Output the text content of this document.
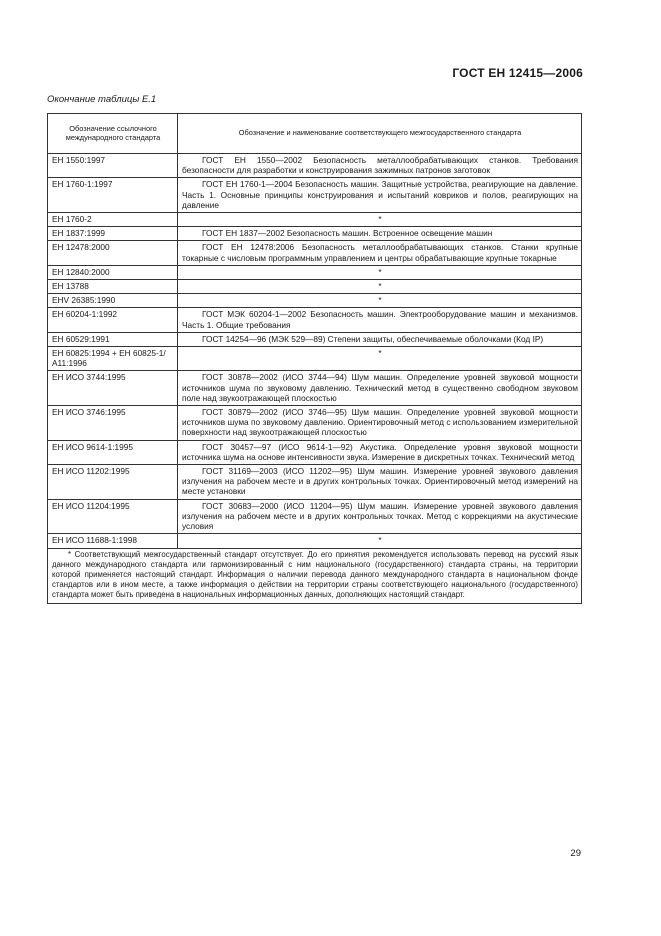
ГОСТ ЕН 12415—2006
Окончание таблицы Е.1
Обозначение ссылочного международного стандарта	Обозначение и наименование соответствующего межгосударственного стандарта
ЕН 1550:1997	ГОСТ ЕН 1550—2002 Безопасность металлообрабатывающих станков. Требования безопасности для разработки и конструирования зажимных патронов заготовок
ЕН 1760-1:1997	ГОСТ ЕН 1760-1—2004 Безопасность машин. Защитные устройства, реагирующие на давление. Часть 1. Основные принципы конструирования и испытаний ковриков и полов, реагирующих на давление
ЕН 1760-2	*
ЕН 1837:1999	ГОСТ ЕН 1837—2002 Безопасность машин. Встроенное освещение машин
ЕН 12478:2000	ГОСТ ЕН 12478:2006 Безопасность металлообрабатывающих станков. Станки крупные токарные с числовым программным управлением и центры обрабатывающие крупные токарные
ЕН 12840:2000	*
ЕН 13788	*
ЕНV 26385:1990	*
ЕН 60204-1:1992	ГОСТ МЭК 60204-1—2002 Безопасность машин. Электрооборудование машин и механизмов. Часть 1. Общие требования
ЕН 60529:1991	ГОСТ 14254—96 (МЭК 529—89) Степени защиты, обеспечиваемые оболочками (Код IP)
ЕН 60825:1994 + ЕН 60825-1/А11:1996	*
ЕН ИСО 3744:1995	ГОСТ 30878—2002 (ИСО 3744—94) Шум машин. Определение уровней звуковой мощности источников шума по звуковому давлению. Технический метод в существенно свободном звуковом поле над звукоотражающей плоскостью
ЕН ИСО 3746:1995	ГОСТ 30879—2002 (ИСО 3746—95) Шум машин. Определение уровней звуковой мощности источников шума по звуковому давлению. Ориентировочный метод с использованием измерительной поверхности над звукоотражающей плоскостью
ЕН ИСО 9614-1:1995	ГОСТ 30457—97 (ИСО 9614-1—92) Акустика. Определение уровня звуковой мощности источника шума на основе интенсивности звука. Измерение в дискретных точках. Технический метод
ЕН ИСО 11202:1995	ГОСТ 31169—2003 (ИСО 11202—95) Шум машин. Измерение уровней звукового давления излучения на рабочем месте и в других контрольных точках. Ориентировочный метод измерений на месте установки
ЕН ИСО 11204:1995	ГОСТ 30683—2000 (ИСО 11204—95) Шум машин. Измерение уровней звукового давления излучения на рабочем месте и в других контрольных точках. Метод с коррекциями на акустические условия
ЕН ИСО 11688-1:1998	*
* Соответствующий межгосударственный стандарт отсутствует. До его принятия рекомендуется использовать перевод на русский язык данного международного стандарта или гармонизированный с ним национального (государственного) стандарта страны, на территории которой применяется настоящий стандарт. Информация о наличии перевода данного международного стандарта в национальном фонде стандартов или в ином месте, а также информация о действии на территории страны соответствующего национального (государственного) стандарта может быть приведена в национальных информационных данных, дополняющих настоящий стандарт.	
29
